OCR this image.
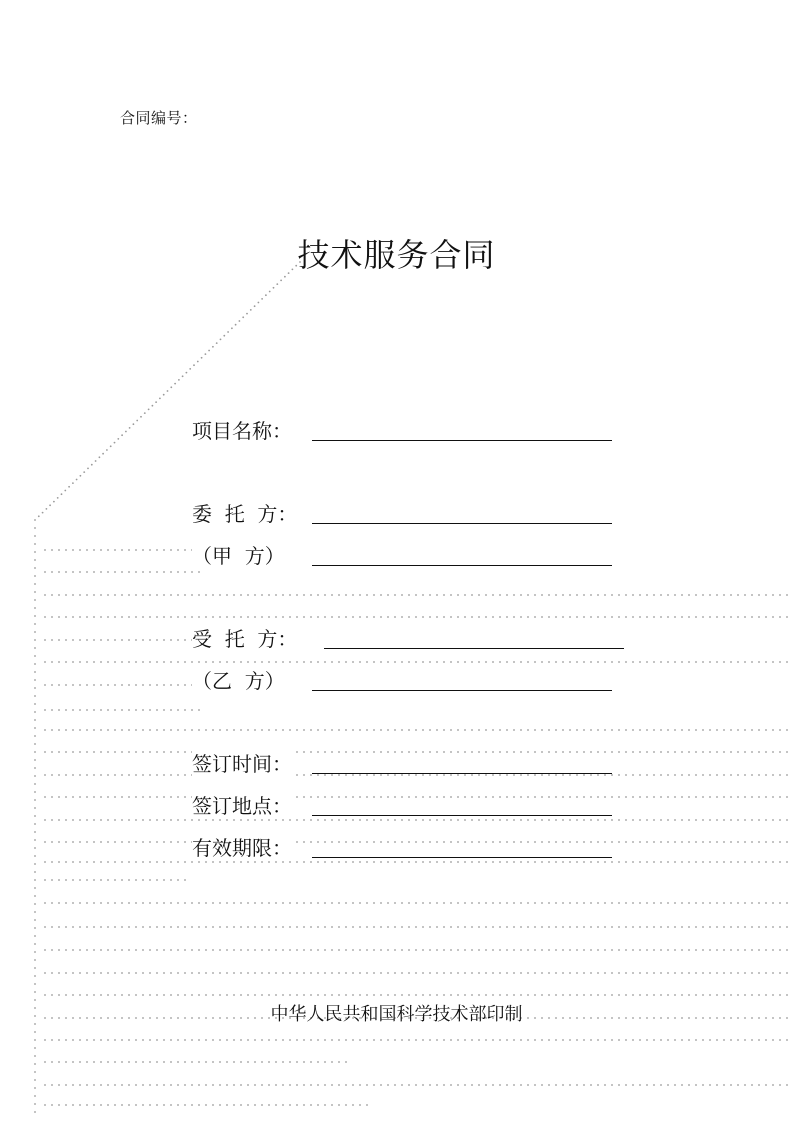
合同编号：
技术服务合同
项目名称：
委  托  方：
（甲  方）
受  托  方：
（乙  方）
签订时间：
签订地点：
有效期限：
中华人民共和国科学技术部印制
